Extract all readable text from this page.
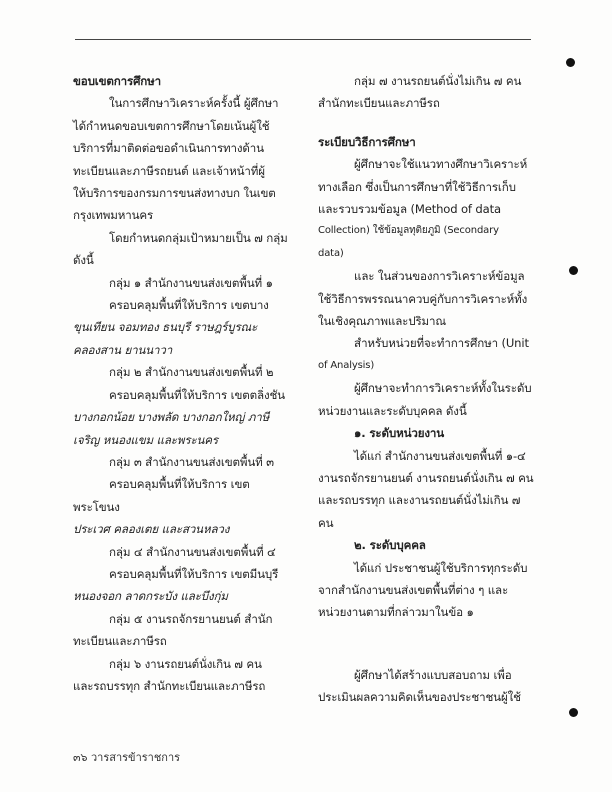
ขอบเขตการศึกษา

ในการศึกษาวิเคราะห์ครั้งนี้ ผู้ศึกษา

ได้กำหนดขอบเขตการศึกษาโดยเน้นผู้ใช้

บริการที่มาติดต่อขอดำเนินการทางด้าน

ทะเบียนและภาษีรถยนต์ และเจ้าหน้าที่ผู้

ให้บริการของกรมการขนส่งทางบก ในเขต

กรุงเทพมหานคร

โดยกำหนดกลุ่มเป้าหมายเป็น ๗ กลุ่ม

ดังนี้

กลุ่ม ๑ สำนักงานขนส่งเขตพื้นที่ ๑

ครอบคลุมพื้นที่ให้บริการ เขตบาง

ขุนเทียน จอมทอง ธนบุรี ราษฎร์บูรณะ

คลองสาน ยานนาวา

กลุ่ม ๒ สำนักงานขนส่งเขตพื้นที่ ๒

ครอบคลุมพื้นที่ให้บริการ เขตตลิ่งชัน

บางกอกน้อย บางพลัด บางกอกใหญ่ ภาษี

เจริญ หนองแขม และพระนคร

กลุ่ม ๓ สำนักงานขนส่งเขตพื้นที่ ๓

ครอบคลุมพื้นที่ให้บริการ เขตพระโขนง

ประเวศ คลองเตย และสวนหลวง

กลุ่ม ๔ สำนักงานขนส่งเขตพื้นที่ ๔

ครอบคลุมพื้นที่ให้บริการ เขตมีนบุรี

หนองจอก ลาดกระบัง และบึงกุ่ม

กลุ่ม ๕ งานรถจักรยานยนต์ สำนัก

ทะเบียนและภาษีรถ

กลุ่ม ๖ งานรถยนต์นั่งเกิน ๗ คน

และรถบรรทุก สำนักทะเบียนและภาษีรถ

กลุ่ม ๗ งานรถยนต์นั่งไม่เกิน ๗ คน

สำนักทะเบียนและภาษีรถ

ระเบียบวิธีการศึกษา

ผู้ศึกษาจะใช้แนวทางศึกษาวิเคราะห์

ทางเลือก ซึ่งเป็นการศึกษาที่ใช้วิธีการเก็บ

และรวบรวมข้อมูล (Method of data

Collection) ใช้ข้อมูลทุติยภูมิ (Secondary

data)

และ ในส่วนของการวิเคราะห์ข้อมูล

ใช้วิธีการพรรณนาควบคู่กับการวิเคราะห์ทั้ง

ในเชิงคุณภาพและปริมาณ

สำหรับหน่วยที่จะทำการศึกษา (Unit

of Analysis)

ผู้ศึกษาจะทำการวิเคราะห์ทั้งในระดับ

หน่วยงานและระดับบุคคล ดังนี้

๑. ระดับหน่วยงาน

ได้แก่ สำนักงานขนส่งเขตพื้นที่ ๑-๔

งานรถจักรยานยนต์ งานรถยนต์นั่งเกิน ๗ คน

และรถบรรทุก และงานรถยนต์นั่งไม่เกิน ๗ คน

๒. ระดับบุคคล

ได้แก่ ประชาชนผู้ใช้บริการทุกระดับ

จากสำนักงานขนส่งเขตพื้นที่ต่าง ๆ และ

หน่วยงานตามที่กล่าวมาในข้อ ๑

ผู้ศึกษาได้สร้างแบบสอบถาม เพื่อ

ประเมินผลความคิดเห็นของประชาชนผู้ใช้

๓๖ วารสารข้าราชการ
